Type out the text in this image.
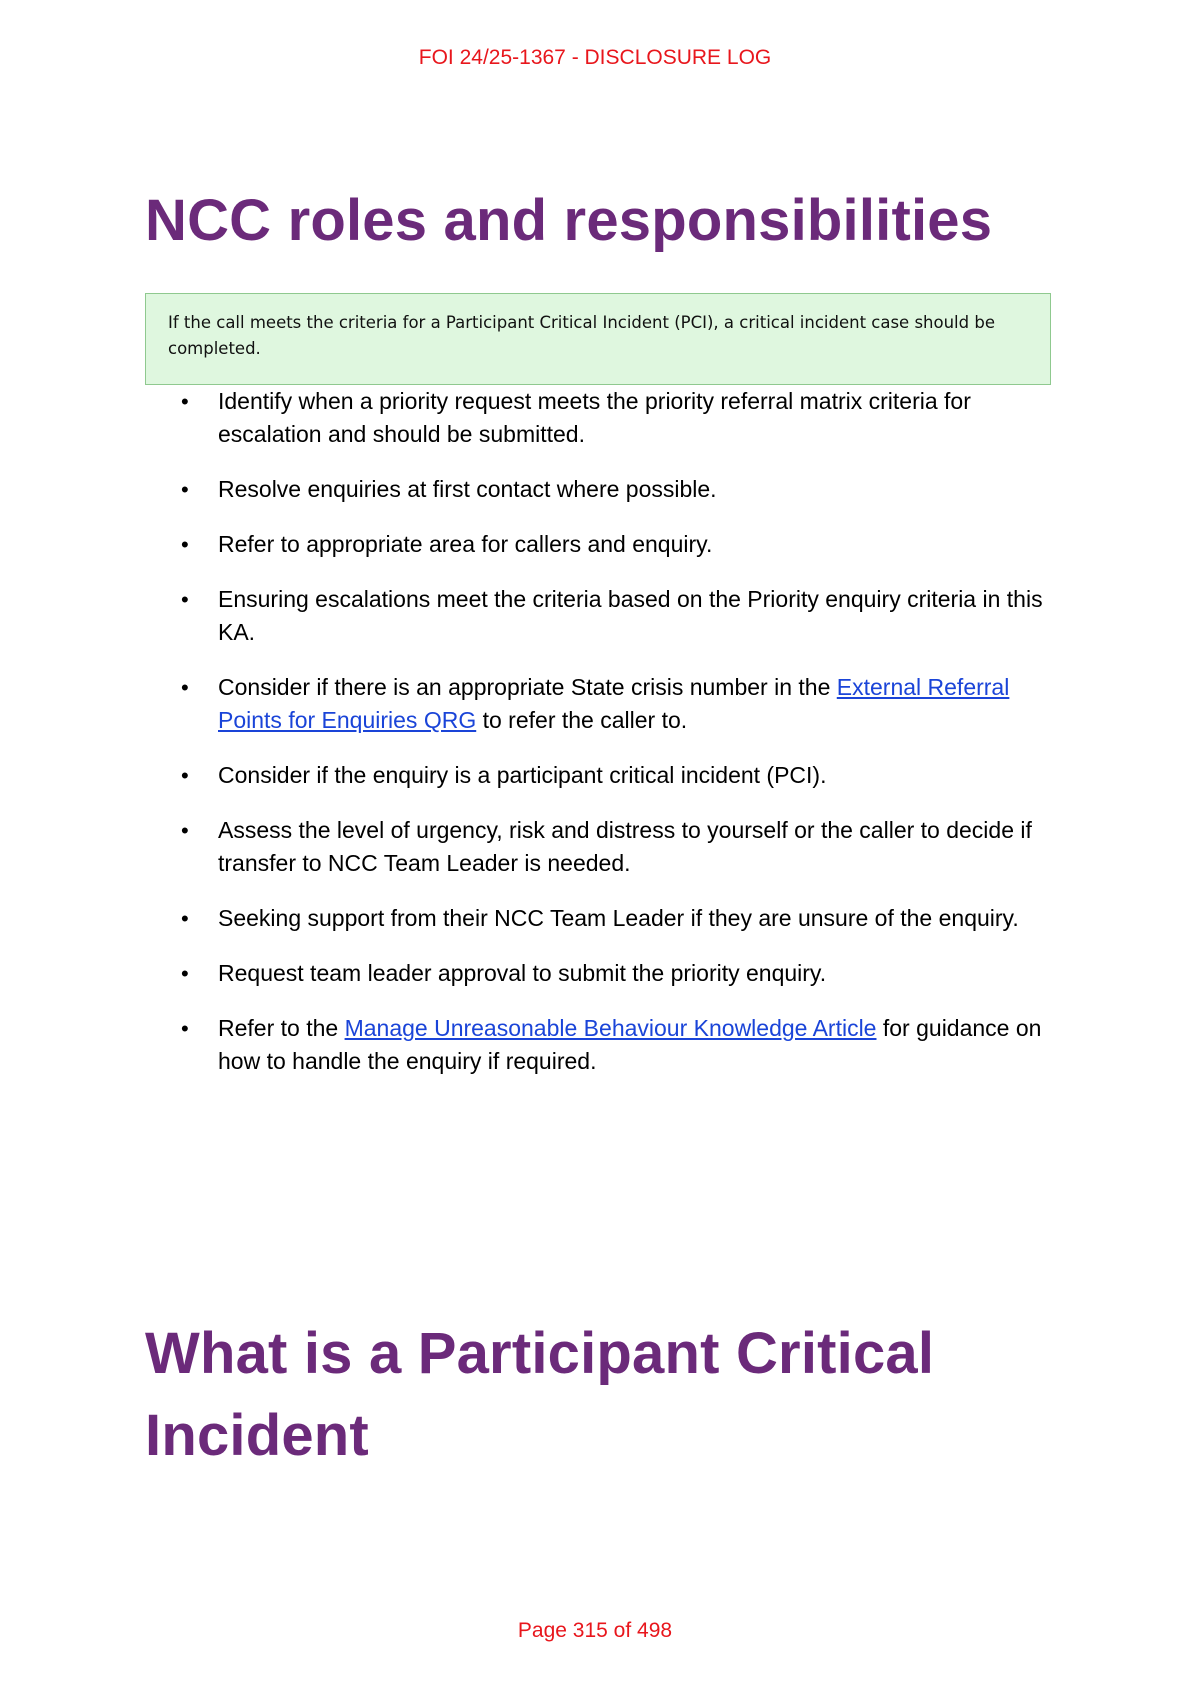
FOI 24/25-1367 - DISCLOSURE LOG
NCC roles and responsibilities
If the call meets the criteria for a Participant Critical Incident (PCI), a critical incident case should be completed.
• Identify when a priority request meets the priority referral matrix criteria for escalation and should be submitted.
• Resolve enquiries at first contact where possible.
• Refer to appropriate area for callers and enquiry.
• Ensuring escalations meet the criteria based on the Priority enquiry criteria in this KA.
• Consider if there is an appropriate State crisis number in the External Referral Points for Enquiries QRG to refer the caller to.
• Consider if the enquiry is a participant critical incident (PCI).
• Assess the level of urgency, risk and distress to yourself or the caller to decide if transfer to NCC Team Leader is needed.
• Seeking support from their NCC Team Leader if they are unsure of the enquiry.
• Request team leader approval to submit the priority enquiry.
• Refer to the Manage Unreasonable Behaviour Knowledge Article for guidance on how to handle the enquiry if required.
What is a Participant Critical Incident
Page 315 of 498
